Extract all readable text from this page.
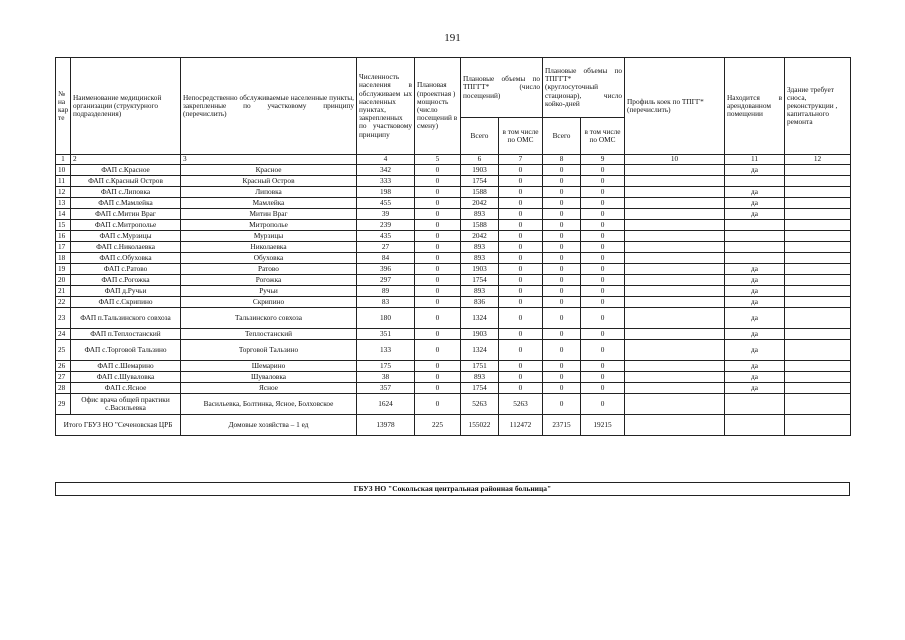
191
№ на кар те	Наименование медицинской организации (структурного подразделения)	Непосредственно обслуживаемые населенные пункты, закрепленные по участковому принципу (перечислить)	Численность населения в обслуживаем ых населенных пунктах, закрепленных по участковому принципу	Плановая (проектная ) мощность (число посещений в смену)	Плановые объемы по ТПГГТ* (число посещений)		Плановые объемы по ТПГГТ* (круглосуточный стационар), число койко-дней		Профиль коек по ТПГГ* (перечислить)	Находится в арендованном помещении	Здание требует сноса, реконструкции , капитального ремонта
					Всего	в том числе по ОМС	Всего	в том числе по ОМС			
1	2	3	4	5	6	7	8	9	10	11	12
10	ФАП с.Красное	Красное	342	0	1903	0	0	0		да	
11	ФАП с.Красный Остров	Красный Остров	333	0	1754	0	0	0			
12	ФАП с.Липовка	Липовка	198	0	1588	0	0	0		да	
13	ФАП с.Мамлейка	Мамлейка	455	0	2042	0	0	0		да	
14	ФАП с.Митин Враг	Митин Враг	39	0	893	0	0	0		да	
15	ФАП с.Митрополье	Митрополье	239	0	1588	0	0	0			
16	ФАП с.Мурзицы	Мурзицы	435	0	2042	0	0	0			
17	ФАП с.Николаевка	Николаевка	27	0	893	0	0	0			
18	ФАП с.Обуховка	Обуховка	84	0	893	0	0	0			
19	ФАП с.Ратово	Ратово	396	0	1903	0	0	0		да	
20	ФАП с.Рогожка	Рогожка	297	0	1754	0	0	0		да	
21	ФАП д.Ручьи	Ручьи	89	0	893	0	0	0		да	
22	ФАП с.Скрипино	Скрипино	83	0	836	0	0	0		да	
23	ФАП п.Тальзинского совхоза	Тальзинского совхоза	180	0	1324	0	0	0		да	
24	ФАП п.Теплостанский	Теплостанский	351	0	1903	0	0	0		да	
25	ФАП с.Торговой Тальзино	Торговой Тальзино	133	0	1324	0	0	0		да	
26	ФАП с.Шемарино	Шемарино	175	0	1751	0	0	0		да	
27	ФАП с.Шуваловка	Шуваловка	38	0	893	0	0	0		да	
28	ФАП с.Ясное	Ясное	357	0	1754	0	0	0		да	
29	Офис врача общей практики с.Васильевка	Васильевка, Болтинка, Ясное, Болховское	1624	0	5263	5263	0	0			
Итого ГБУЗ НО "Сеченовская ЦРБ		Домовые хозяйства – 1 ед	13978	225	155022	112472	23715	19215			
ГБУЗ НО "Сокольская центральная районная больница"
